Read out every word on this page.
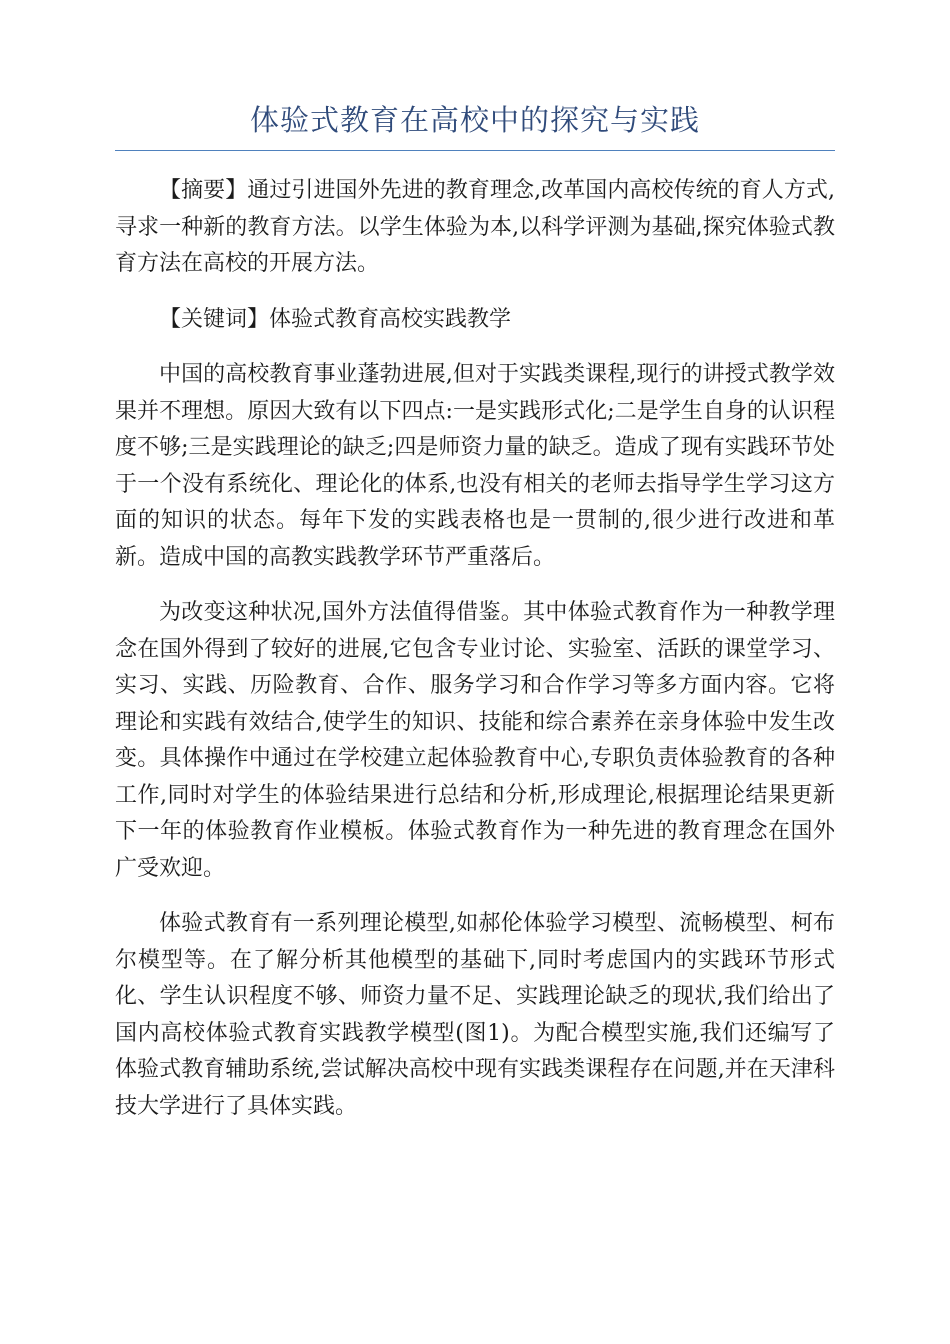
体验式教育在高校中的探究与实践

【摘要】通过引进国外先进的教育理念,改革国内高校传统的育人方式,寻求一种新的教育方法。以学生体验为本,以科学评测为基础,探究体验式教育方法在高校的开展方法。

【关键词】体验式教育高校实践教学

中国的高校教育事业蓬勃进展,但对于实践类课程,现行的讲授式教学效果并不理想。原因大致有以下四点:一是实践形式化;二是学生自身的认识程度不够;三是实践理论的缺乏;四是师资力量的缺乏。造成了现有实践环节处于一个没有系统化、理论化的体系,也没有相关的老师去指导学生学习这方面的知识的状态。每年下发的实践表格也是一贯制的,很少进行改进和革新。造成中国的高教实践教学环节严重落后。

为改变这种状况,国外方法值得借鉴。其中体验式教育作为一种教学理念在国外得到了较好的进展,它包含专业讨论、实验室、活跃的课堂学习、实习、实践、历险教育、合作、服务学习和合作学习等多方面内容。它将理论和实践有效结合,使学生的知识、技能和综合素养在亲身体验中发生改变。具体操作中通过在学校建立起体验教育中心,专职负责体验教育的各种工作,同时对学生的体验结果进行总结和分析,形成理论,根据理论结果更新下一年的体验教育作业模板。体验式教育作为一种先进的教育理念在国外广受欢迎。

体验式教育有一系列理论模型,如郝伦体验学习模型、流畅模型、柯布尔模型等。在了解分析其他模型的基础下,同时考虑国内的实践环节形式化、学生认识程度不够、师资力量不足、实践理论缺乏的现状,我们给出了国内高校体验式教育实践教学模型(图1)。为配合模型实施,我们还编写了体验式教育辅助系统,尝试解决高校中现有实践类课程存在问题,并在天津科技大学进行了具体实践。
